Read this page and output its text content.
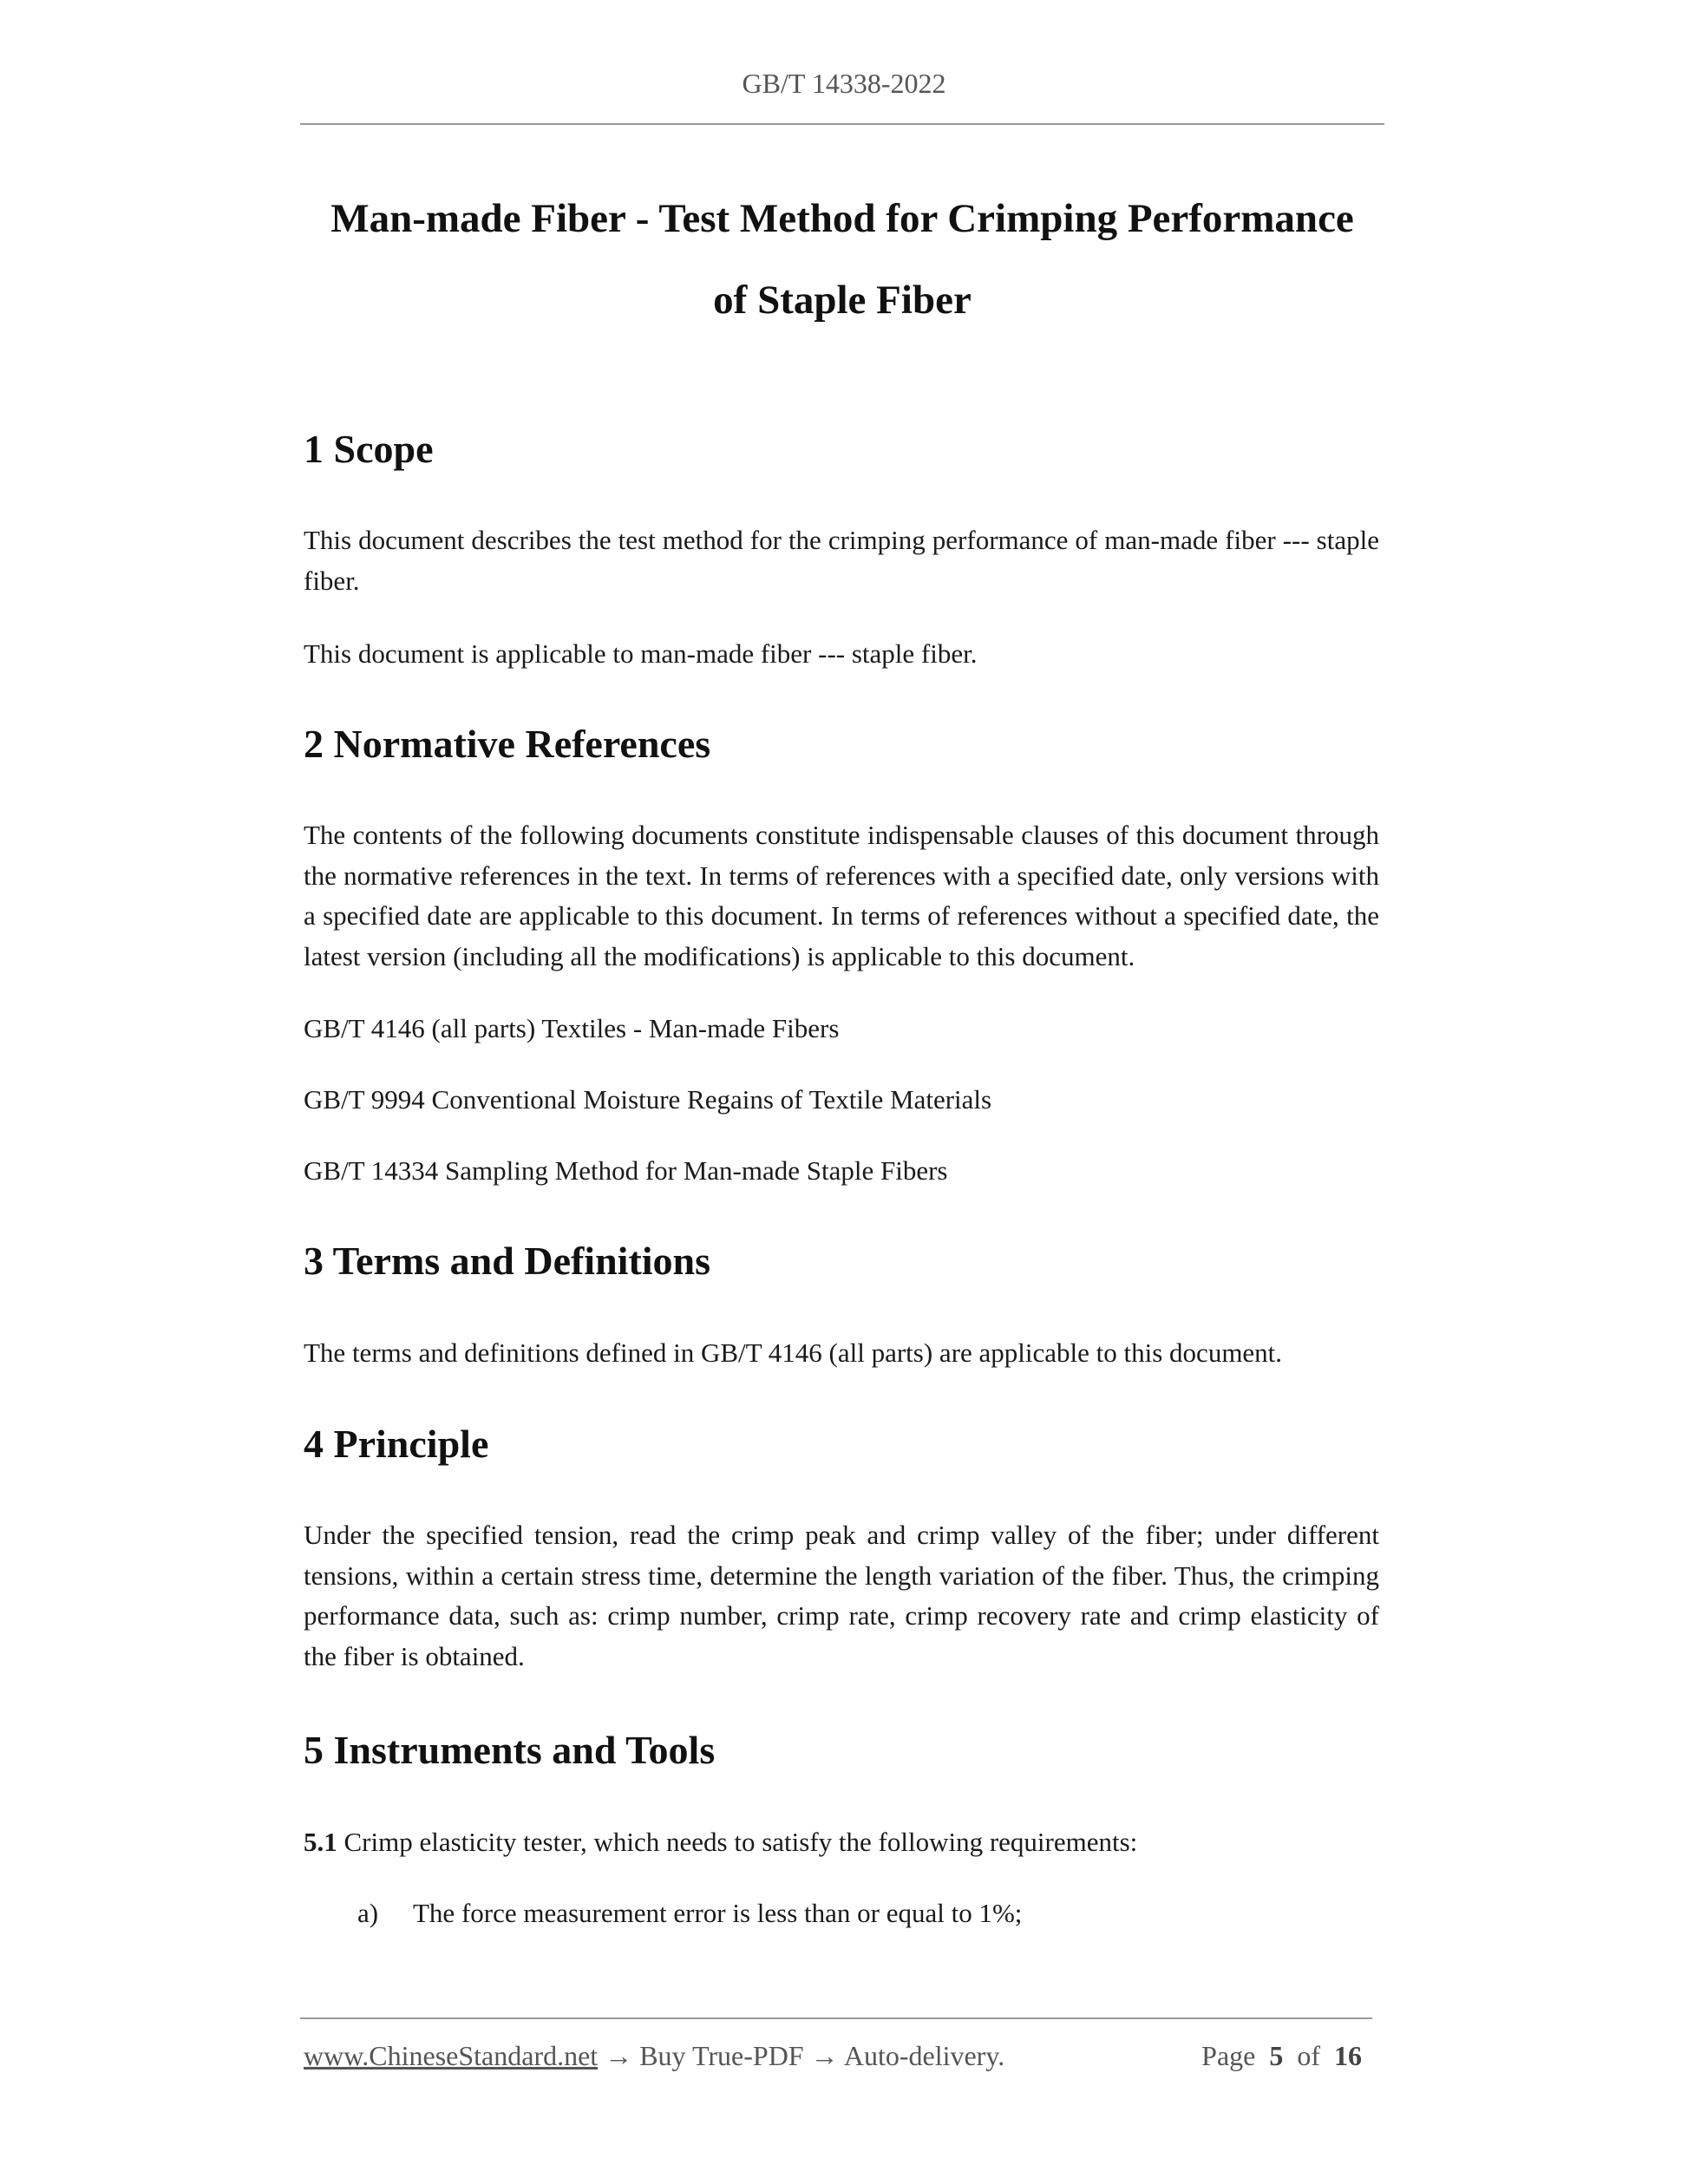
GB/T 14338-2022
Man-made Fiber - Test Method for Crimping Performance
of Staple Fiber
1 Scope

This document describes the test method for the crimping performance of man-made fiber --- staple fiber.

This document is applicable to man-made fiber --- staple fiber.

2 Normative References

The contents of the following documents constitute indispensable clauses of this document through the normative references in the text. In terms of references with a specified date, only versions with a specified date are applicable to this document. In terms of references without a specified date, the latest version (including all the modifications) is applicable to this document.

GB/T 4146 (all parts) Textiles - Man-made Fibers

GB/T 9994 Conventional Moisture Regains of Textile Materials

GB/T 14334 Sampling Method for Man-made Staple Fibers

3 Terms and Definitions

The terms and definitions defined in GB/T 4146 (all parts) are applicable to this document.

4 Principle

Under the specified tension, read the crimp peak and crimp valley of the fiber; under different tensions, within a certain stress time, determine the length variation of the fiber. Thus, the crimping performance data, such as: crimp number, crimp rate, crimp recovery rate and crimp elasticity of the fiber is obtained.

5 Instruments and Tools

5.1 Crimp elasticity tester, which needs to satisfy the following requirements:

a) The force measurement error is less than or equal to 1%;
www.ChineseStandard.net → Buy True-PDF → Auto-delivery.	Page 5 of 16
